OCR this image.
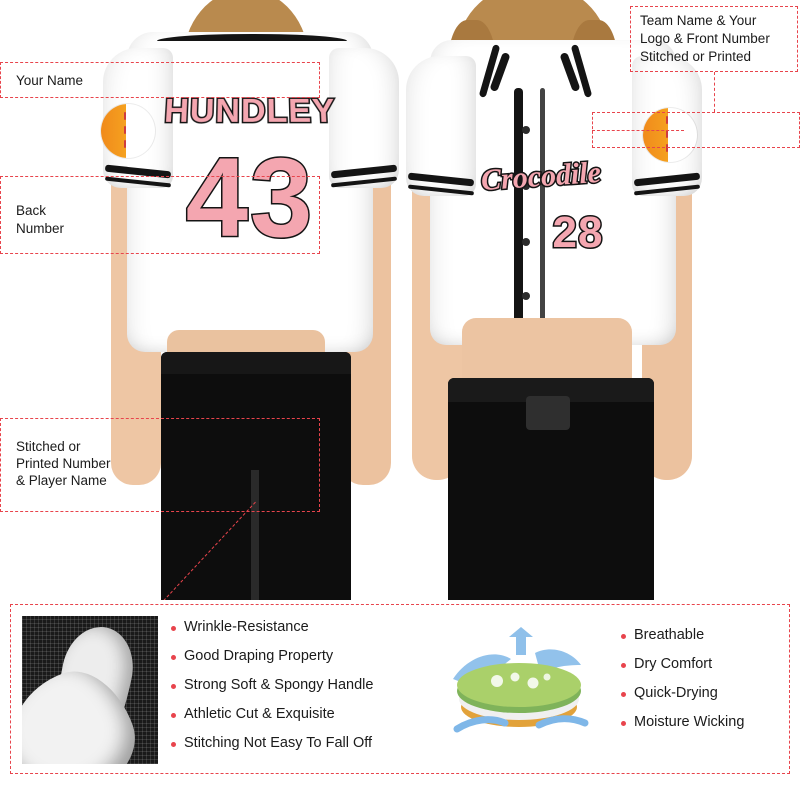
HUNDLEY
43	Crocodile
28
Your Name
Back
Number
Stitched or
Printed Number
& Player Name
Team Name & Your
Logo & Front Number
Stitched or Printed
Wrinkle-Resistance
Good Draping Property
Strong Soft & Spongy Handle
Athletic Cut & Exquisite
Stitching Not Easy To Fall Off
Breathable
Dry Comfort
Quick-Drying
Moisture Wicking
